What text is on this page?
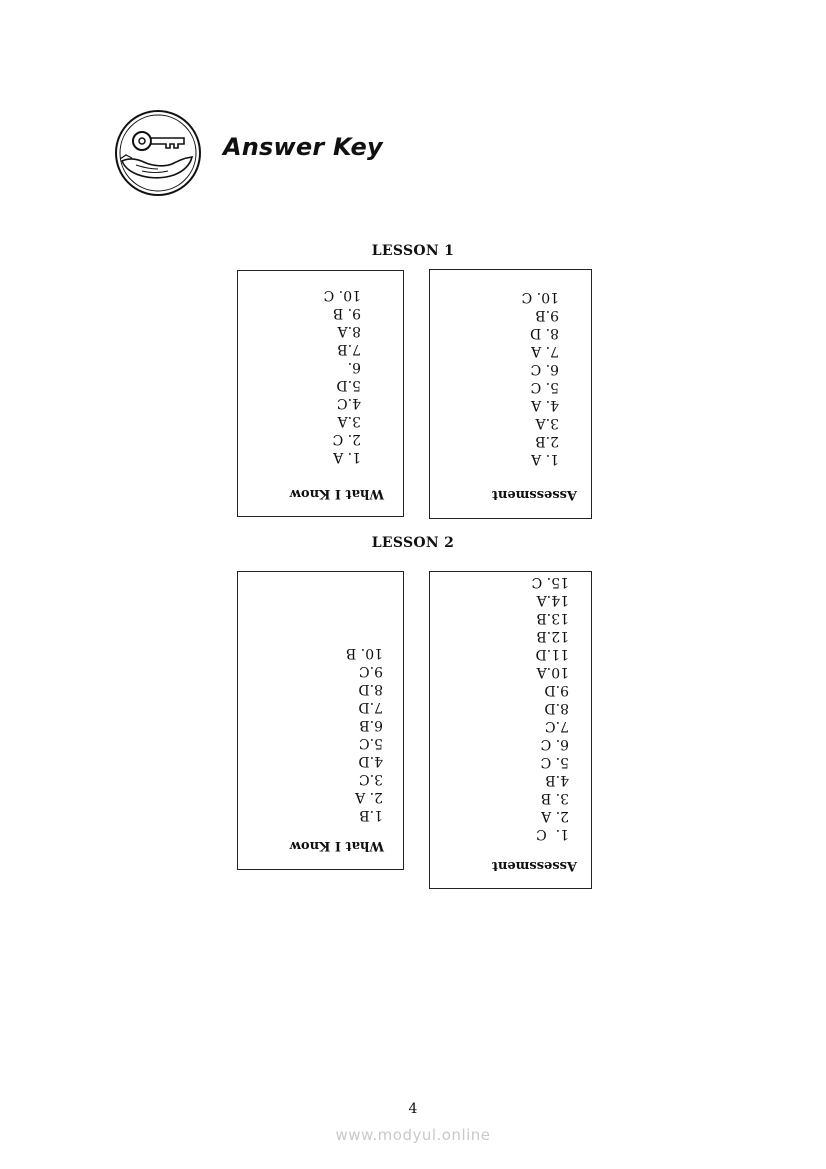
Answer Key
LESSON 1
What I Know
1. A
2. C
3.A
4.C
5.D
6.
7.B
8.A
9. B
10. C
Assessment
1. A
2.B
3.A
4. A
5. C
6. C
7. A
8. D
9.B
10. C
LESSON 2
What I Know
1.B
2. A
3.C
4.D
5.C
6.B
7.D
8.D
9.C
10. B
Assessment
1.  C
2. A
3. B
4.B
5. C
6. C
7.C
8.D
9.D
10.A
11.D
12.B
13.B
14.A
15. C
4
www.modyul.online
